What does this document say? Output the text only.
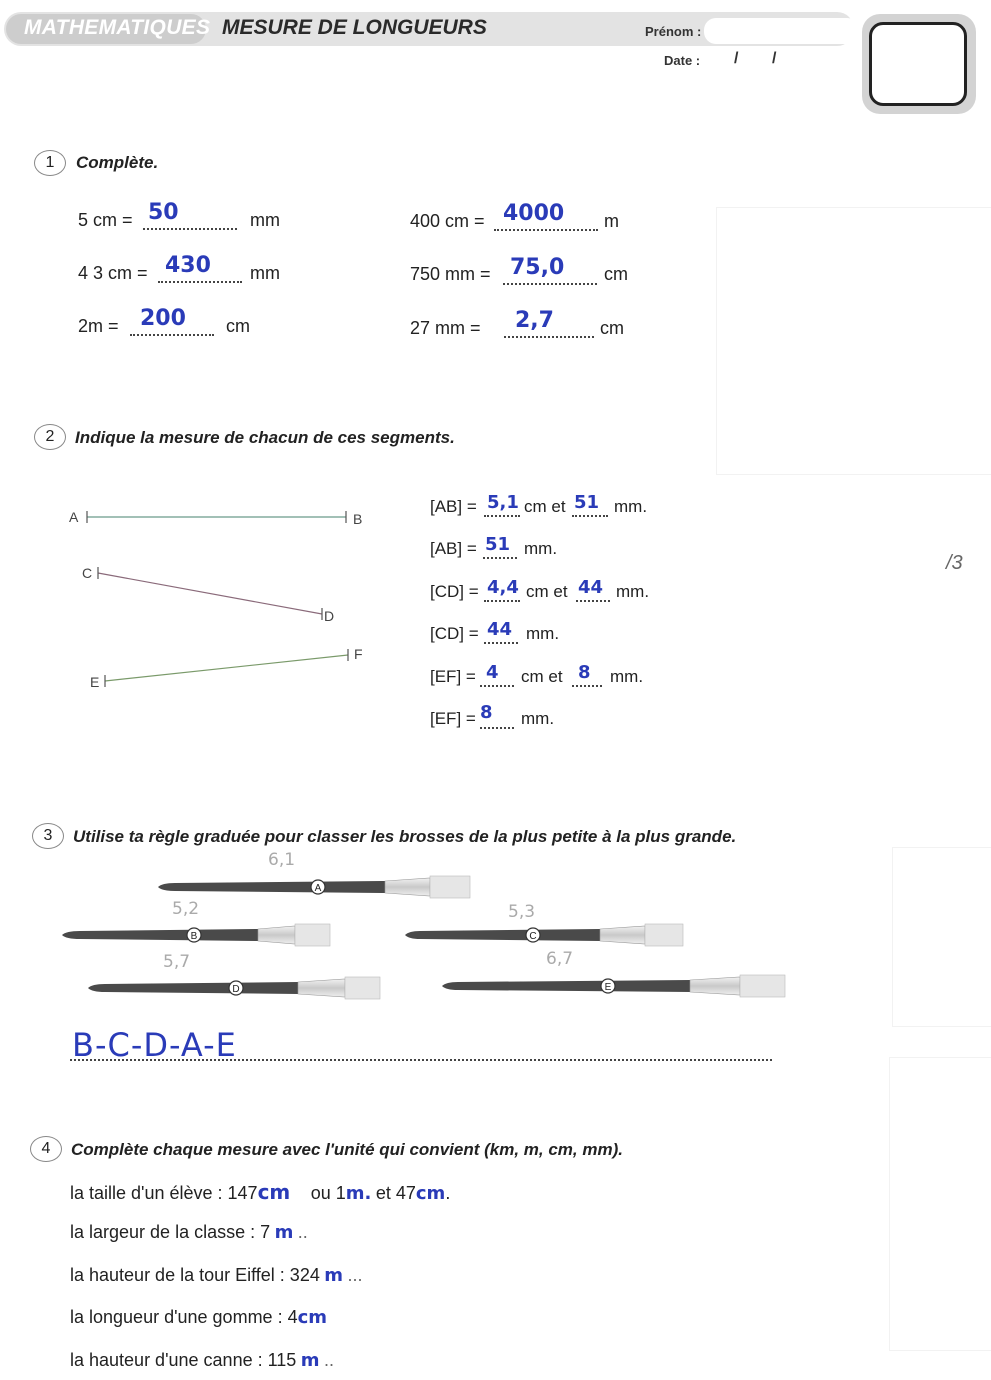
MATHEMATIQUES MESURE DE LONGUEURS	Prénom :
Date : / /
/3
1	Complète.
5 cm = 50	mm
4 3 cm = 430 mm
2m = 200 cm
400 cm = 4000 m
750 mm = 75,0 cm
27 mm = 2,7	cm
2	Indique la mesure de chacun de ces segments.
A	B
C
D
E
F
[AB] = 5,1 cm et 51 mm.
[AB] = 51 mm.
[CD] = 4,4 cm et 44 mm.
[CD] = 44 mm.
[EF] = 4 cm et 8 mm.
[EF] = 8 mm.
3	Utilise ta règle graduée pour classer les brosses de la plus petite à la plus grande.
A
B	C
D	E
6,1
5,2	5,3
5,7	6,7
B-C-D-A-E
4	Complète chaque mesure avec l'unité qui convient (km, m, cm, mm).
la taille d'un élève : 147cm ou 1m. et 47cm.
la largeur de la classe : 7 m ..
la hauteur de la tour Eiffel : 324 m ...
la longueur d'une gomme : 4cm
la hauteur d'une canne : 115 m ..
